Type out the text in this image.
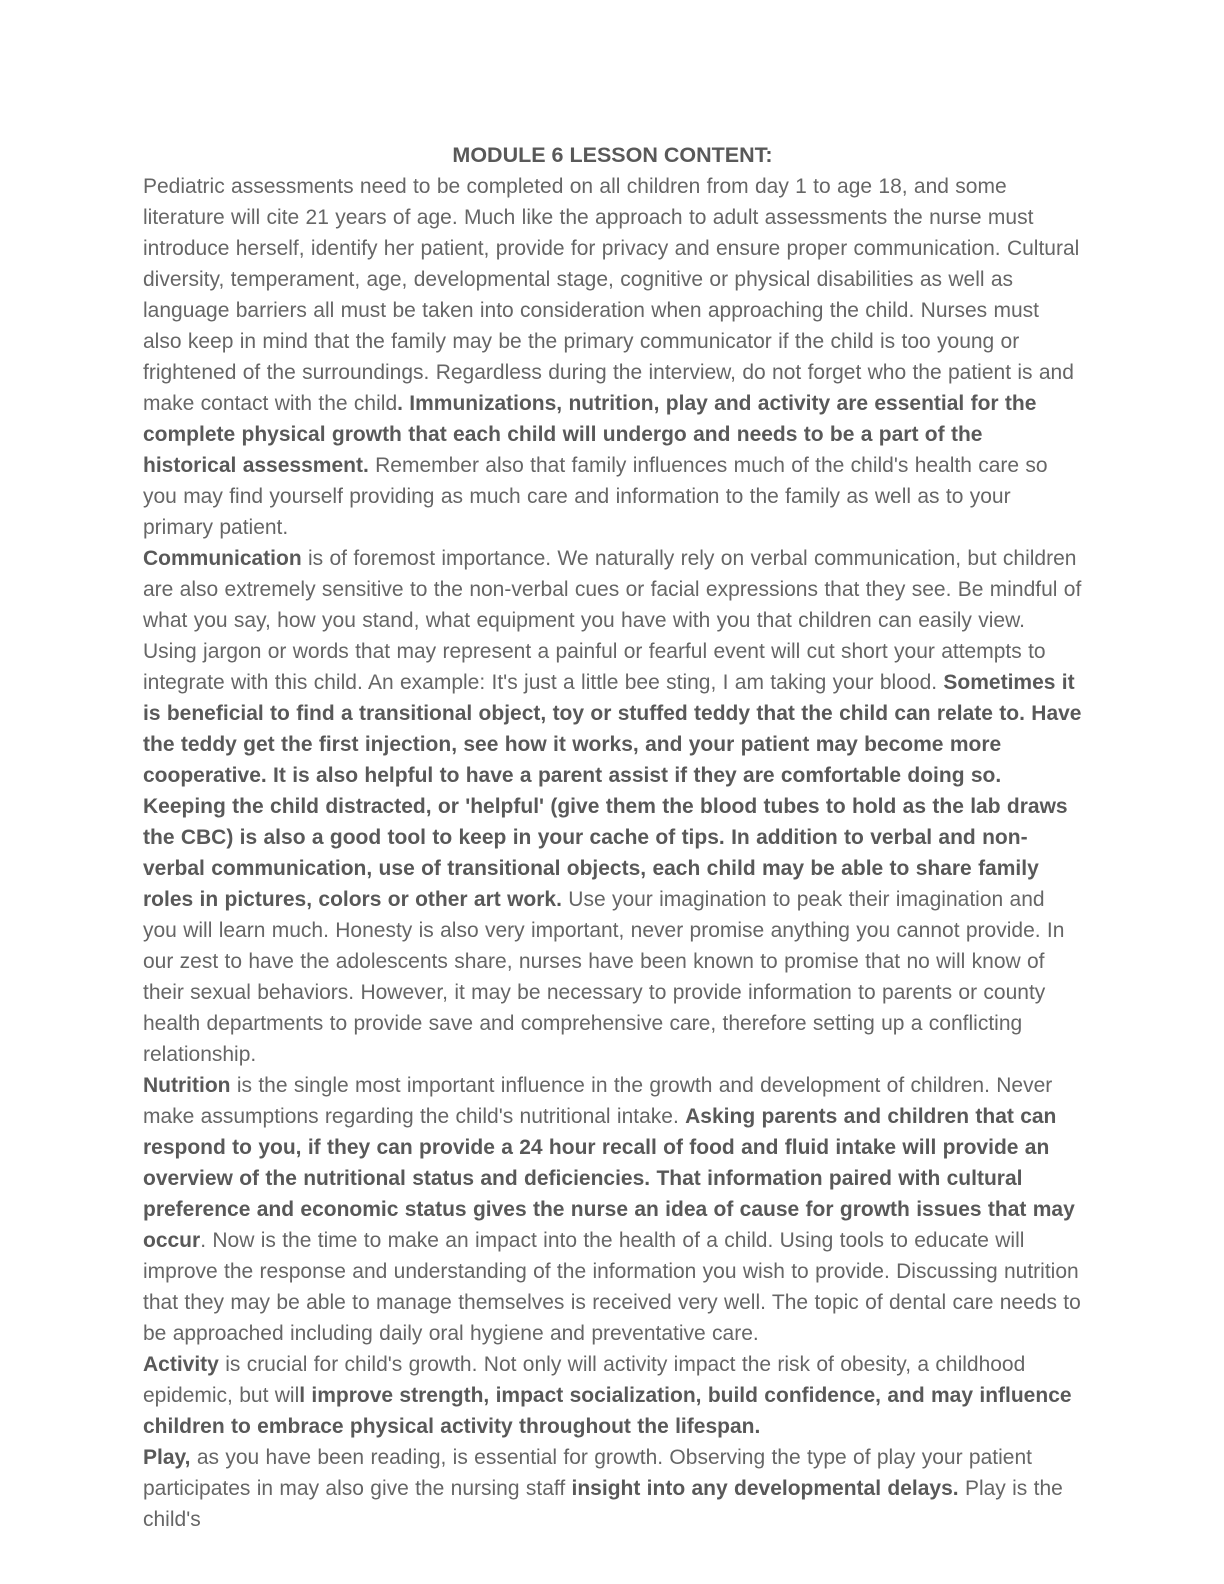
MODULE 6 LESSON CONTENT:

Pediatric assessments need to be completed on all children from day 1 to age 18, and some literature will cite 21 years of age. Much like the approach to adult assessments the nurse must introduce herself, identify her patient, provide for privacy and ensure proper communication. Cultural diversity, temperament, age, developmental stage, cognitive or physical disabilities as well as language barriers all must be taken into consideration when approaching the child. Nurses must also keep in mind that the family may be the primary communicator if the child is too young or frightened of the surroundings. Regardless during the interview, do not forget who the patient is and make contact with the child. Immunizations, nutrition, play and activity are essential for the complete physical growth that each child will undergo and needs to be a part of the historical assessment. Remember also that family influences much of the child's health care so you may find yourself providing as much care and information to the family as well as to your primary patient.

Communication is of foremost importance. We naturally rely on verbal communication, but children are also extremely sensitive to the non-verbal cues or facial expressions that they see. Be mindful of what you say, how you stand, what equipment you have with you that children can easily view. Using jargon or words that may represent a painful or fearful event will cut short your attempts to integrate with this child. An example: It's just a little bee sting, I am taking your blood. Sometimes it is beneficial to find a transitional object, toy or stuffed teddy that the child can relate to. Have the teddy get the first injection, see how it works, and your patient may become more cooperative. It is also helpful to have a parent assist if they are comfortable doing so. Keeping the child distracted, or 'helpful' (give them the blood tubes to hold as the lab draws the CBC) is also a good tool to keep in your cache of tips. In addition to verbal and non-verbal communication, use of transitional objects, each child may be able to share family roles in pictures, colors or other art work. Use your imagination to peak their imagination and you will learn much. Honesty is also very important, never promise anything you cannot provide. In our zest to have the adolescents share, nurses have been known to promise that no will know of their sexual behaviors. However, it may be necessary to provide information to parents or county health departments to provide save and comprehensive care, therefore setting up a conflicting relationship.

Nutrition is the single most important influence in the growth and development of children. Never make assumptions regarding the child's nutritional intake. Asking parents and children that can respond to you, if they can provide a 24 hour recall of food and fluid intake will provide an overview of the nutritional status and deficiencies. That information paired with cultural preference and economic status gives the nurse an idea of cause for growth issues that may occur. Now is the time to make an impact into the health of a child. Using tools to educate will improve the response and understanding of the information you wish to provide. Discussing nutrition that they may be able to manage themselves is received very well. The topic of dental care needs to be approached including daily oral hygiene and preventative care.

Activity is crucial for child's growth. Not only will activity impact the risk of obesity, a childhood epidemic, but will improve strength, impact socialization, build confidence, and may influence children to embrace physical activity throughout the lifespan.

Play, as you have been reading, is essential for growth. Observing the type of play your patient participates in may also give the nursing staff insight into any developmental delays. Play is the child's
